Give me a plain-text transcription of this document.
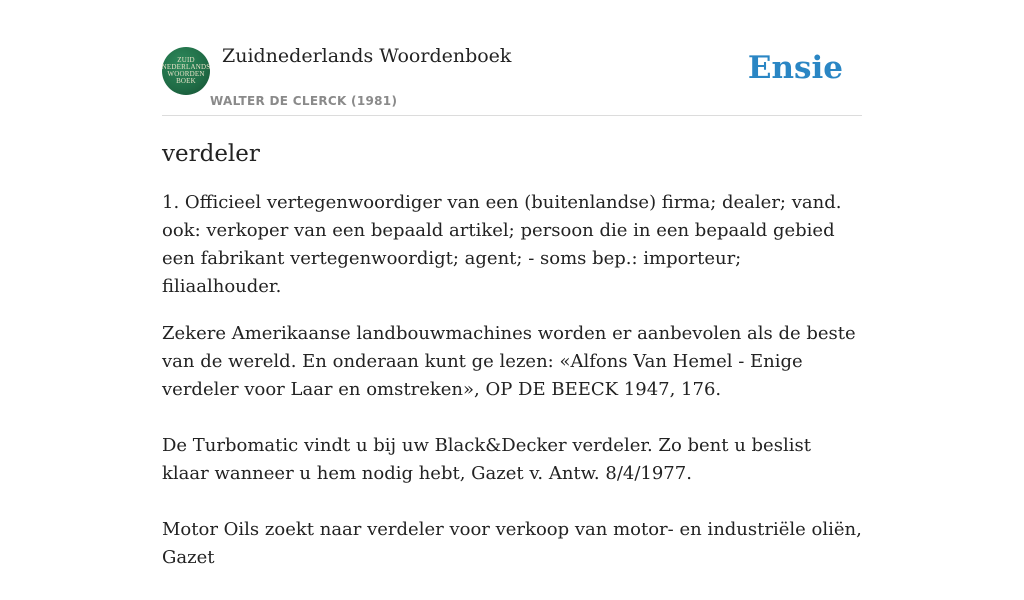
ZUID
NEDERLANDS
WOORDEN
BOEK
Zuidnederlands Woordenboek
WALTER DE CLERCK (1981)
Ensie
verdeler

1. Officieel vertegenwoordiger van een (buitenlandse) firma; dealer; vand. ook: verkoper van een bepaald artikel; persoon die in een bepaald gebied een fabrikant vertegenwoordigt; agent; - soms bep.: importeur; filiaalhouder.

Zekere Amerikaanse landbouwmachines worden er aanbevolen als de beste van de wereld. En onderaan kunt ge lezen: «Alfons Van Hemel - Enige verdeler voor Laar en omstreken», OP DE BEECK 1947, 176.

De Turbomatic vindt u bij uw Black&Decker verdeler. Zo bent u beslist klaar wanneer u hem nodig hebt, Gazet v. Antw. 8/4/1977.

Motor Oils zoekt naar verdeler voor verkoop van motor- en industriële oliën, Gazet
